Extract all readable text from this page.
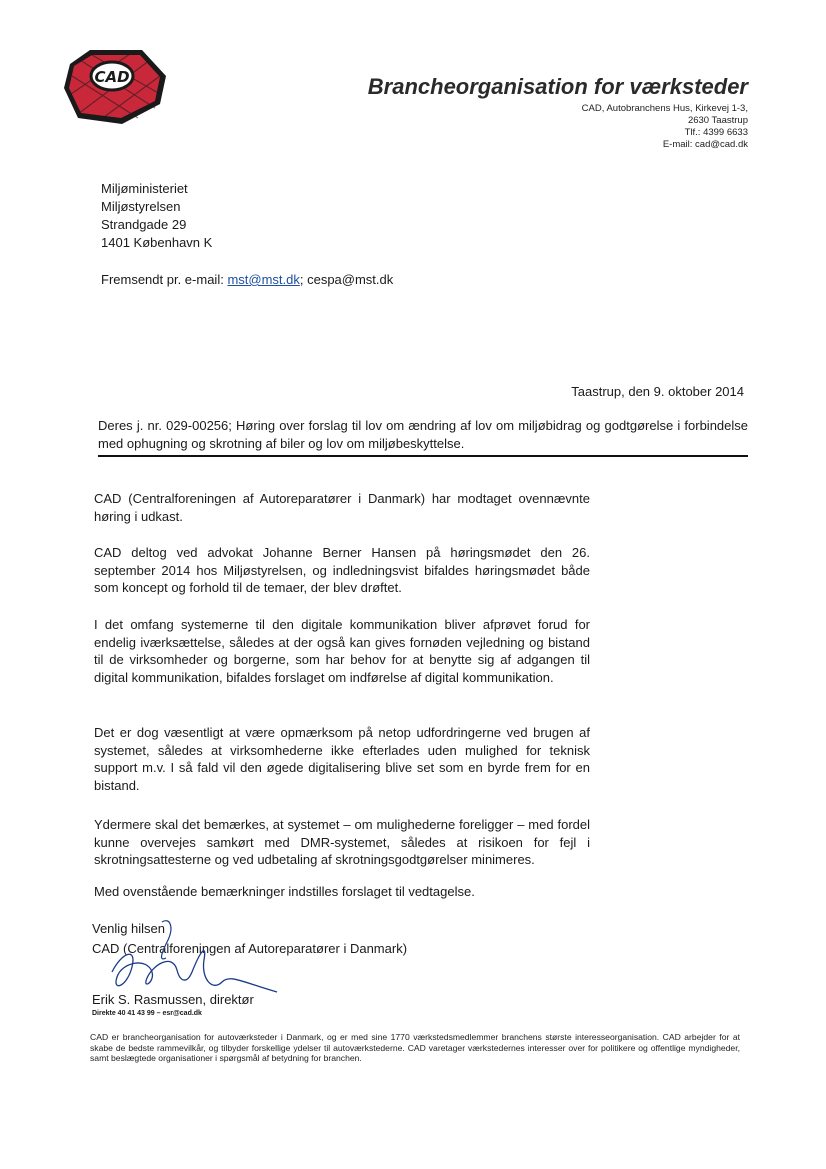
CAD	Brancheorganisation for værksteder
CAD, Autobranchens Hus, Kirkevej 1-3,
2630 Taastrup
Tlf.: 4399 6633
E-mail: cad@cad.dk
Miljøministeriet
Miljøstyrelsen
Strandgade 29
1401 København K
Fremsendt pr. e-mail: mst@mst.dk; cespa@mst.dk
Taastrup, den 9. oktober 2014
Deres j. nr. 029-00256; Høring over forslag til lov om ændring af lov om miljøbidrag og godtgørelse i forbindelse med ophugning og skrotning af biler og lov om miljøbeskyttelse.
CAD (Centralforeningen af Autoreparatører i Danmark) har modtaget ovennævnte høring i udkast.
CAD deltog ved advokat Johanne Berner Hansen på høringsmødet den 26. september 2014 hos Miljøstyrelsen, og indledningsvist bifaldes høringsmødet både som koncept og forhold til de temaer, der blev drøftet.
I det omfang systemerne til den digitale kommunikation bliver afprøvet forud for endelig iværksættelse, således at der også kan gives fornøden vejledning og bistand til de virksomheder og borgerne, som har behov for at benytte sig af adgangen til digital kommunikation, bifaldes forslaget om indførelse af digital kommunikation.
Det er dog væsentligt at være opmærksom på netop udfordringerne ved brugen af systemet, således at virksomhederne ikke efterlades uden mulighed for teknisk support m.v. I så fald vil den øgede digitalisering blive set som en byrde frem for en bistand.
Ydermere skal det bemærkes, at systemet – om mulighederne foreligger – med fordel kunne overvejes samkørt med DMR-systemet, således at risikoen for fejl i skrotningsattesterne og ved udbetaling af skrotningsgodtgørelser minimeres.
Med ovenstående bemærkninger indstilles forslaget til vedtagelse.
Venlig hilsen
CAD (Centralforeningen af Autoreparatører i Danmark)
Erik S. Rasmussen, direktør
Direkte 40 41 43 99 – esr@cad.dk
CAD er brancheorganisation for autoværksteder i Danmark, og er med sine 1770 værkstedsmedlemmer branchens største interesseorganisation. CAD arbejder for at skabe de bedste rammevilkår, og tilbyder forskellige ydelser til autoværkstederne. CAD varetager værkstedernes interesser over for politikere og offentlige myndigheder, samt beslægtede organisationer i spørgsmål af betydning for branchen.
